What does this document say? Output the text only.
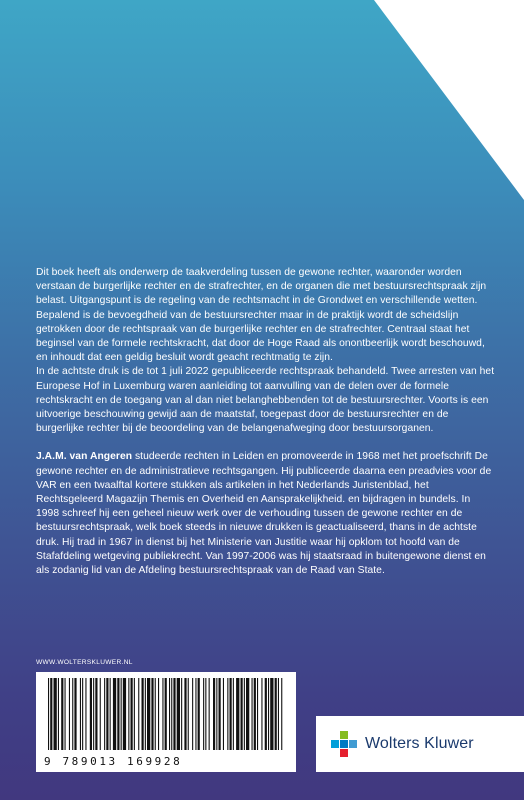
Dit boek heeft als onderwerp de taakverdeling tussen de gewone rechter, waaronder worden verstaan de burgerlijke rechter en de strafrechter, en de organen die met bestuursrechtspraak zijn belast. Uitgangspunt is de regeling van de rechtsmacht in de Grondwet en verschillende wetten. Bepalend is de bevoegdheid van de bestuursrechter maar in de praktijk wordt de scheidslijn getrokken door de rechtspraak van de burgerlijke rechter en de strafrechter. Centraal staat het beginsel van de formele rechtskracht, dat door de Hoge Raad als onontbeerlijk wordt beschouwd, en inhoudt dat een geldig besluit wordt geacht rechtmatig te zijn.

In de achtste druk is de tot 1 juli 2022 gepubliceerde rechtspraak behandeld. Twee arresten van het Europese Hof in Luxemburg waren aanleiding tot aanvulling van de delen over de formele rechtskracht en de toegang van al dan niet belanghebbenden tot de bestuursrechter. Voorts is een uitvoerige beschouwing gewijd aan de maatstaf, toegepast door de bestuursrechter en de burgerlijke rechter bij de beoordeling van de belangenafweging door bestuursorganen.

J.A.M. van Angeren studeerde rechten in Leiden en promoveerde in 1968 met het proefschrift De gewone rechter en de administratieve rechtsgangen. Hij publiceerde daarna een preadvies voor de VAR en een twaalftal kortere stukken als artikelen in het Nederlands Juristenblad, het Rechtsgeleerd Magazijn Themis en Overheid en Aansprakelijkheid. en bijdragen in bundels. In 1998 schreef hij een geheel nieuw werk over de verhouding tussen de gewone rechter en de bestuursrechtspraak, welk boek steeds in nieuwe drukken is geactualiseerd, thans in de achtste druk. Hij trad in 1967 in dienst bij het Ministerie van Justitie waar hij opklom tot hoofd van de Stafafdeling wetgeving publiekrecht. Van 1997-2006 was hij staatsraad in buitengewone dienst en als zodanig lid van de Afdeling bestuursrechtspraak van de Raad van State.

WWW.WOLTERSKLUWER.NL
9 789013 169928
Wolters Kluwer
